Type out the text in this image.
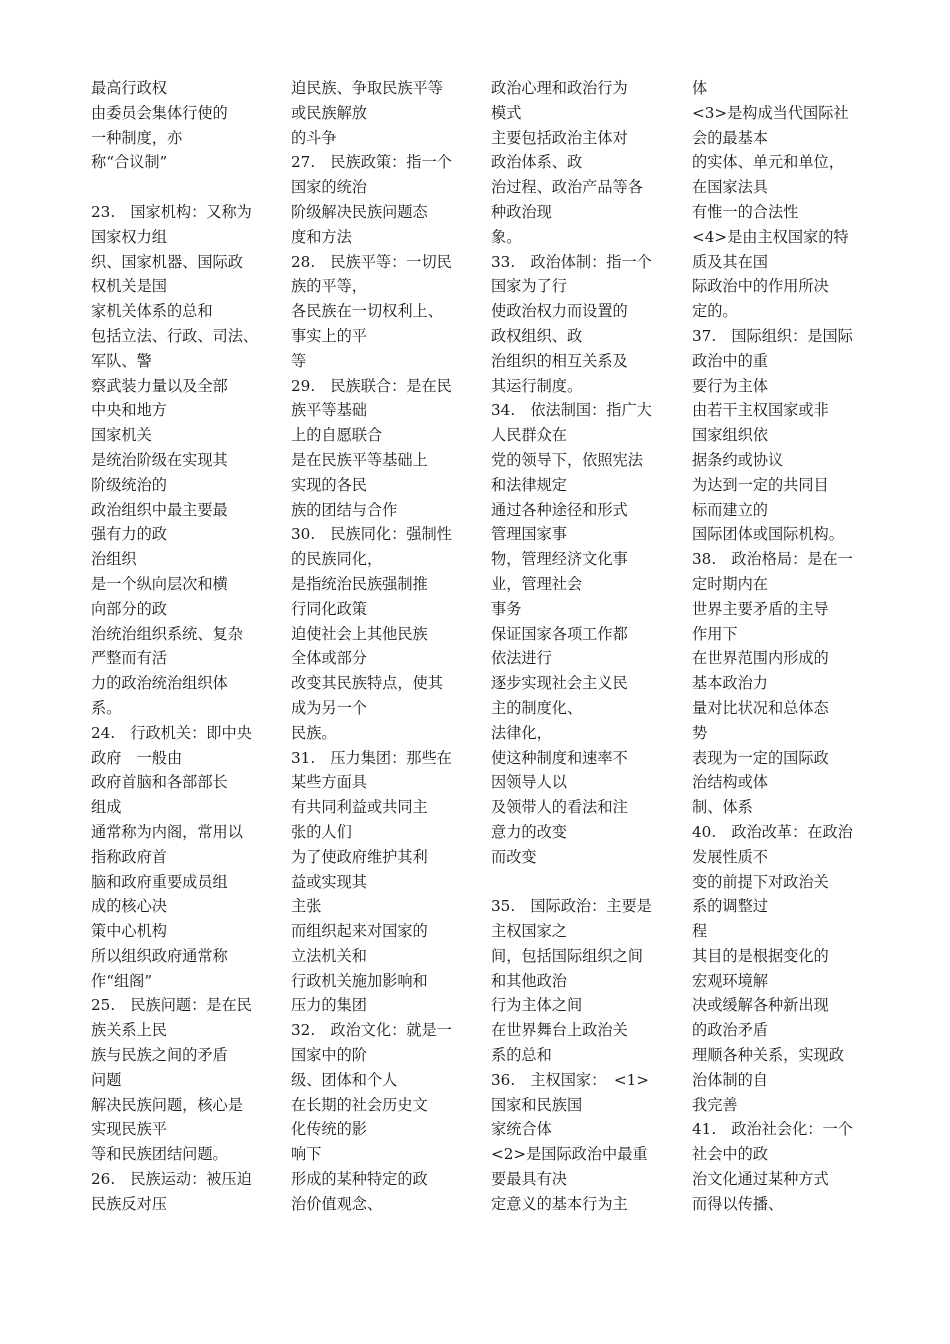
最高行政权
由委员会集体行使的
一种制度，亦
称“合议制”
23.　国家机构：又称为
国家权力组
织、国家机器、国际政
权机关是国
家机关体系的总和
包括立法、行政、司法、
军队、警
察武装力量以及全部
中央和地方
国家机关
是统治阶级在实现其
阶级统治的
政治组织中最主要最
强有力的政
治组织
是一个纵向层次和横
向部分的政
治统治组织系统、复杂
严整而有活
力的政治统治组织体
系。
24.　行政机关：即中央
政府　一般由
政府首脑和各部部长
组成
通常称为内阁，常用以
指称政府首
脑和政府重要成员组
成的核心决
策中心机构
所以组织政府通常称
作“组阁”
25.　民族问题：是在民
族关系上民
族与民族之间的矛盾
问题
解决民族问题，核心是
实现民族平
等和民族团结问题。
26.　民族运动：被压迫
民族反对压
迫民族、争取民族平等
或民族解放
的斗争
27.　民族政策：指一个
国家的统治
阶级解决民族问题态
度和方法
28.　民族平等：一切民
族的平等，
各民族在一切权利上、
事实上的平
等
29.　民族联合：是在民
族平等基础
上的自愿联合
是在民族平等基础上
实现的各民
族的团结与合作
30.　民族同化：强制性
的民族同化，
是指统治民族强制推
行同化政策
迫使社会上其他民族
全体或部分
改变其民族特点，使其
成为另一个
民族。
31.　压力集团：那些在
某些方面具
有共同利益或共同主
张的人们
为了使政府维护其利
益或实现其
主张
而组织起来对国家的
立法机关和
行政机关施加影响和
压力的集团
32.　政治文化：就是一
国家中的阶
级、团体和个人
在长期的社会历史文
化传统的影
响下
形成的某种特定的政
治价值观念、
政治心理和政治行为
模式
主要包括政治主体对
政治体系、政
治过程、政治产品等各
种政治现
象。
33.　政治体制：指一个
国家为了行
使政治权力而设置的
政权组织、政
治组织的相互关系及
其运行制度。
34.　依法制国：指广大
人民群众在
党的领导下，依照宪法
和法律规定
通过各种途径和形式
管理国家事
物，管理经济文化事
业，管理社会
事务
保证国家各项工作都
依法进行
逐步实现社会主义民
主的制度化、
法律化，
使这种制度和速率不
因领导人以
及领带人的看法和注
意力的改变
而改变
35.　国际政治：主要是
主权国家之
间，包括国际组织之间
和其他政治
行为主体之间
在世界舞台上政治关
系的总和
36.　主权国家：　<1>
国家和民族国
家统合体
<2>是国际政治中最重
要最具有决
定意义的基本行为主
体
<3>是构成当代国际社
会的最基本
的实体、单元和单位，
在国家法具
有惟一的合法性
<4>是由主权国家的特
质及其在国
际政治中的作用所决
定的。
37.　国际组织：是国际
政治中的重
要行为主体
由若干主权国家或非
国家组织依
据条约或协议
为达到一定的共同目
标而建立的
国际团体或国际机构。
38.　政治格局：是在一
定时期内在
世界主要矛盾的主导
作用下
在世界范围内形成的
基本政治力
量对比状况和总体态
势
表现为一定的国际政
治结构或体
制、体系
40.　政治改革：在政治
发展性质不
变的前提下对政治关
系的调整过
程
其目的是根据变化的
宏观环境解
决或缓解各种新出现
的政治矛盾
理顺各种关系，实现政
治体制的自
我完善
41.　政治社会化：一个
社会中的政
治文化通过某种方式
而得以传播、
